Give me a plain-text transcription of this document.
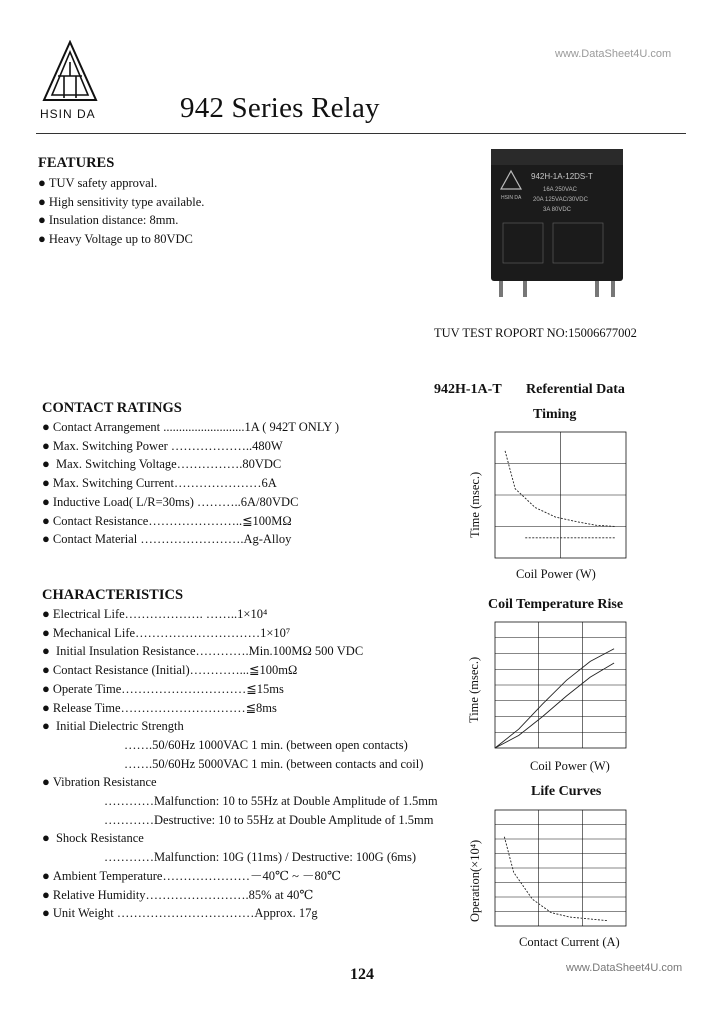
www.DataSheet4U.com
HSIN DA	942 Series Relay
FEATURES
● TUV safety approval.
● High sensitivity type available.
● Insulation distance: 8mm.
● Heavy Voltage up to 80VDC
942H-1A-12DS-T
16A 250VAC
20A 125VAC/30VDC
3A 80VDC
HSIN DA
TUV TEST ROPORT NO:15006677002
942H-1A-T Referential Data
CONTACT RATINGS
● Contact Arrangement ..........................1A ( 942T ONLY )
● Max. Switching Power ………………..480W
● Max. Switching Voltage…………….80VDC
● Max. Switching Current…………………6A
● Inductive Load( L/R=30ms) ………..6A/80VDC
● Contact Resistance…………………..≦100MΩ
● Contact Material …………………….Ag-Alloy
CHARACTERISTICS
● Electrical Life………………. ……..1×10⁴
● Mechanical Life…………………………1×10⁷
● Initial Insulation Resistance………….Min.100MΩ 500 VDC
● Contact Resistance (Initial)…………...≦100mΩ
● Operate Time…………………………≦15ms
● Release Time…………………………≦8ms
● Initial Dielectric Strength
…….50/60Hz 1000VAC 1 min. (between open contacts)
…….50/60Hz 5000VAC 1 min. (between contacts and coil)
● Vibration Resistance
…………Malfunction: 10 to 55Hz at Double Amplitude of 1.5mm
…………Destructive: 10 to 55Hz at Double Amplitude of 1.5mm
● Shock Resistance
…………Malfunction: 10G (11ms) / Destructive: 100G (6ms)
● Ambient Temperature…………………－40℃ ~ －80℃
● Relative Humidity…………………….85% at 40℃
● Unit Weight ……………………………Approx. 17g
Timing
Time (msec.)
Coil Power (W)
Coil Temperature Rise
Time (msec.)
Coil Power (W)
Life Curves
Operation(×10⁴)
Contact Current (A)
124	www.DataSheet4U.com
